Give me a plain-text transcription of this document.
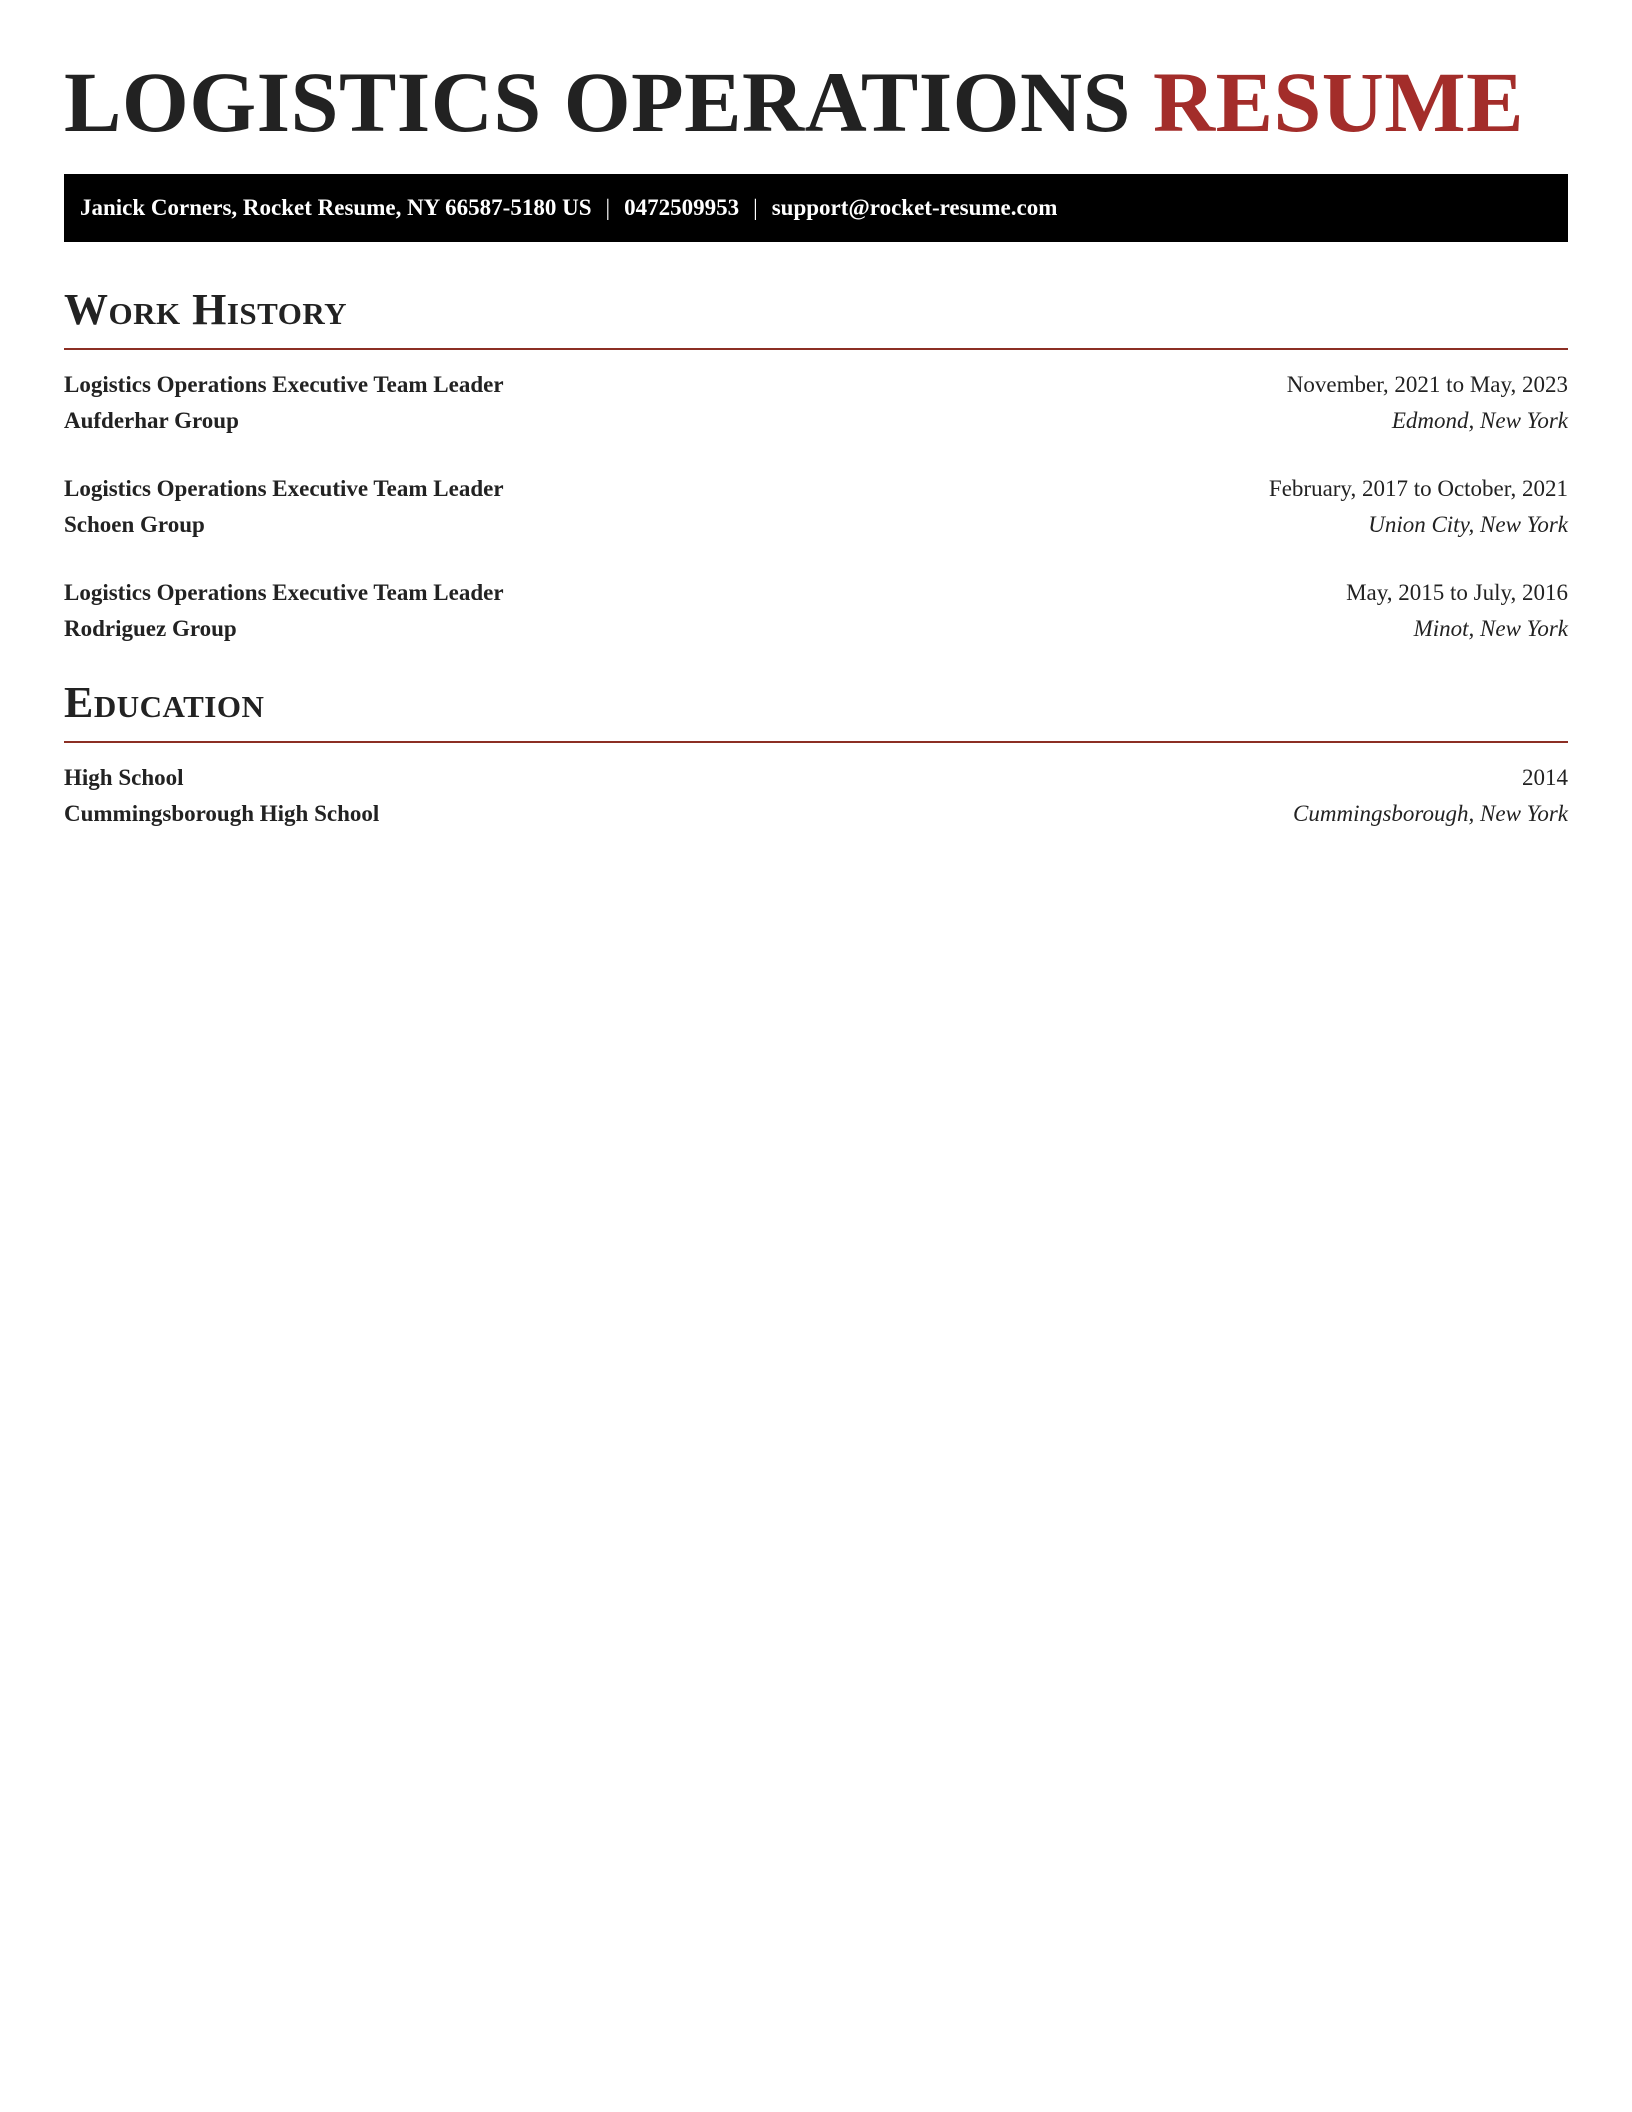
LOGISTICS OPERATIONS RESUME
Janick Corners, Rocket Resume, NY 66587-5180 US | 0472509953 | support@rocket-resume.com
Work History
Logistics Operations Executive Team Leader	November, 2021 to May, 2023
Aufderhar Group	Edmond, New York
Logistics Operations Executive Team Leader	February, 2017 to October, 2021
Schoen Group	Union City, New York
Logistics Operations Executive Team Leader	May, 2015 to July, 2016
Rodriguez Group	Minot, New York
Education
High School	2014
Cummingsborough High School	Cummingsborough, New York
